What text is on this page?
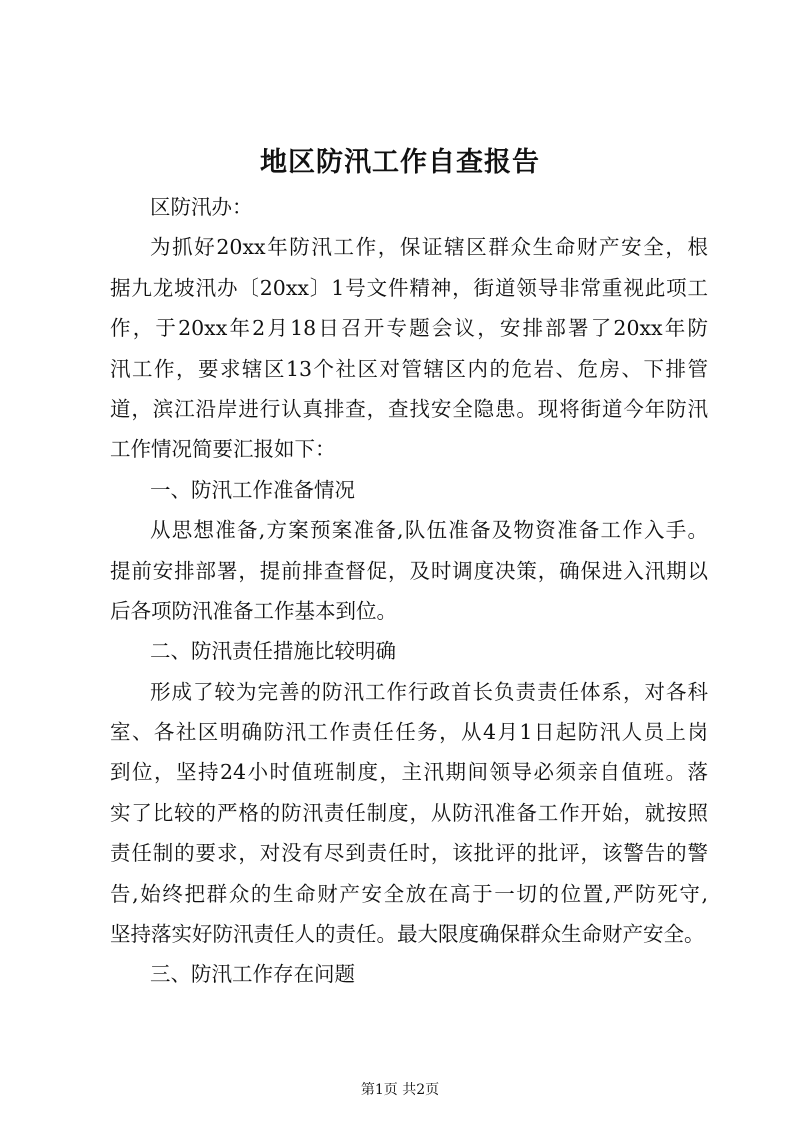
地区防汛工作自查报告
区防汛办：
为抓好20xx年防汛工作，保证辖区群众生命财产安全，根
据九龙坡汛办〔20xx〕1号文件精神，街道领导非常重视此项工
作，于20xx年2月18日召开专题会议，安排部署了20xx年防
汛工作，要求辖区13个社区对管辖区内的危岩、危房、下排管
道，滨江沿岸进行认真排查，查找安全隐患。现将街道今年防汛
工作情况简要汇报如下：
一、防汛工作准备情况
从思想准备,方案预案准备,队伍准备及物资准备工作入手。
提前安排部署，提前排查督促，及时调度决策，确保进入汛期以
后各项防汛准备工作基本到位。
二、防汛责任措施比较明确
形成了较为完善的防汛工作行政首长负责责任体系，对各科
室、各社区明确防汛工作责任任务，从4月1日起防汛人员上岗
到位，坚持24小时值班制度，主汛期间领导必须亲自值班。落
实了比较的严格的防汛责任制度，从防汛准备工作开始，就按照
责任制的要求，对没有尽到责任时，该批评的批评，该警告的警
告,始终把群众的生命财产安全放在高于一切的位置,严防死守,
坚持落实好防汛责任人的责任。最大限度确保群众生命财产安全。
三、防汛工作存在问题
第1页 共2页
